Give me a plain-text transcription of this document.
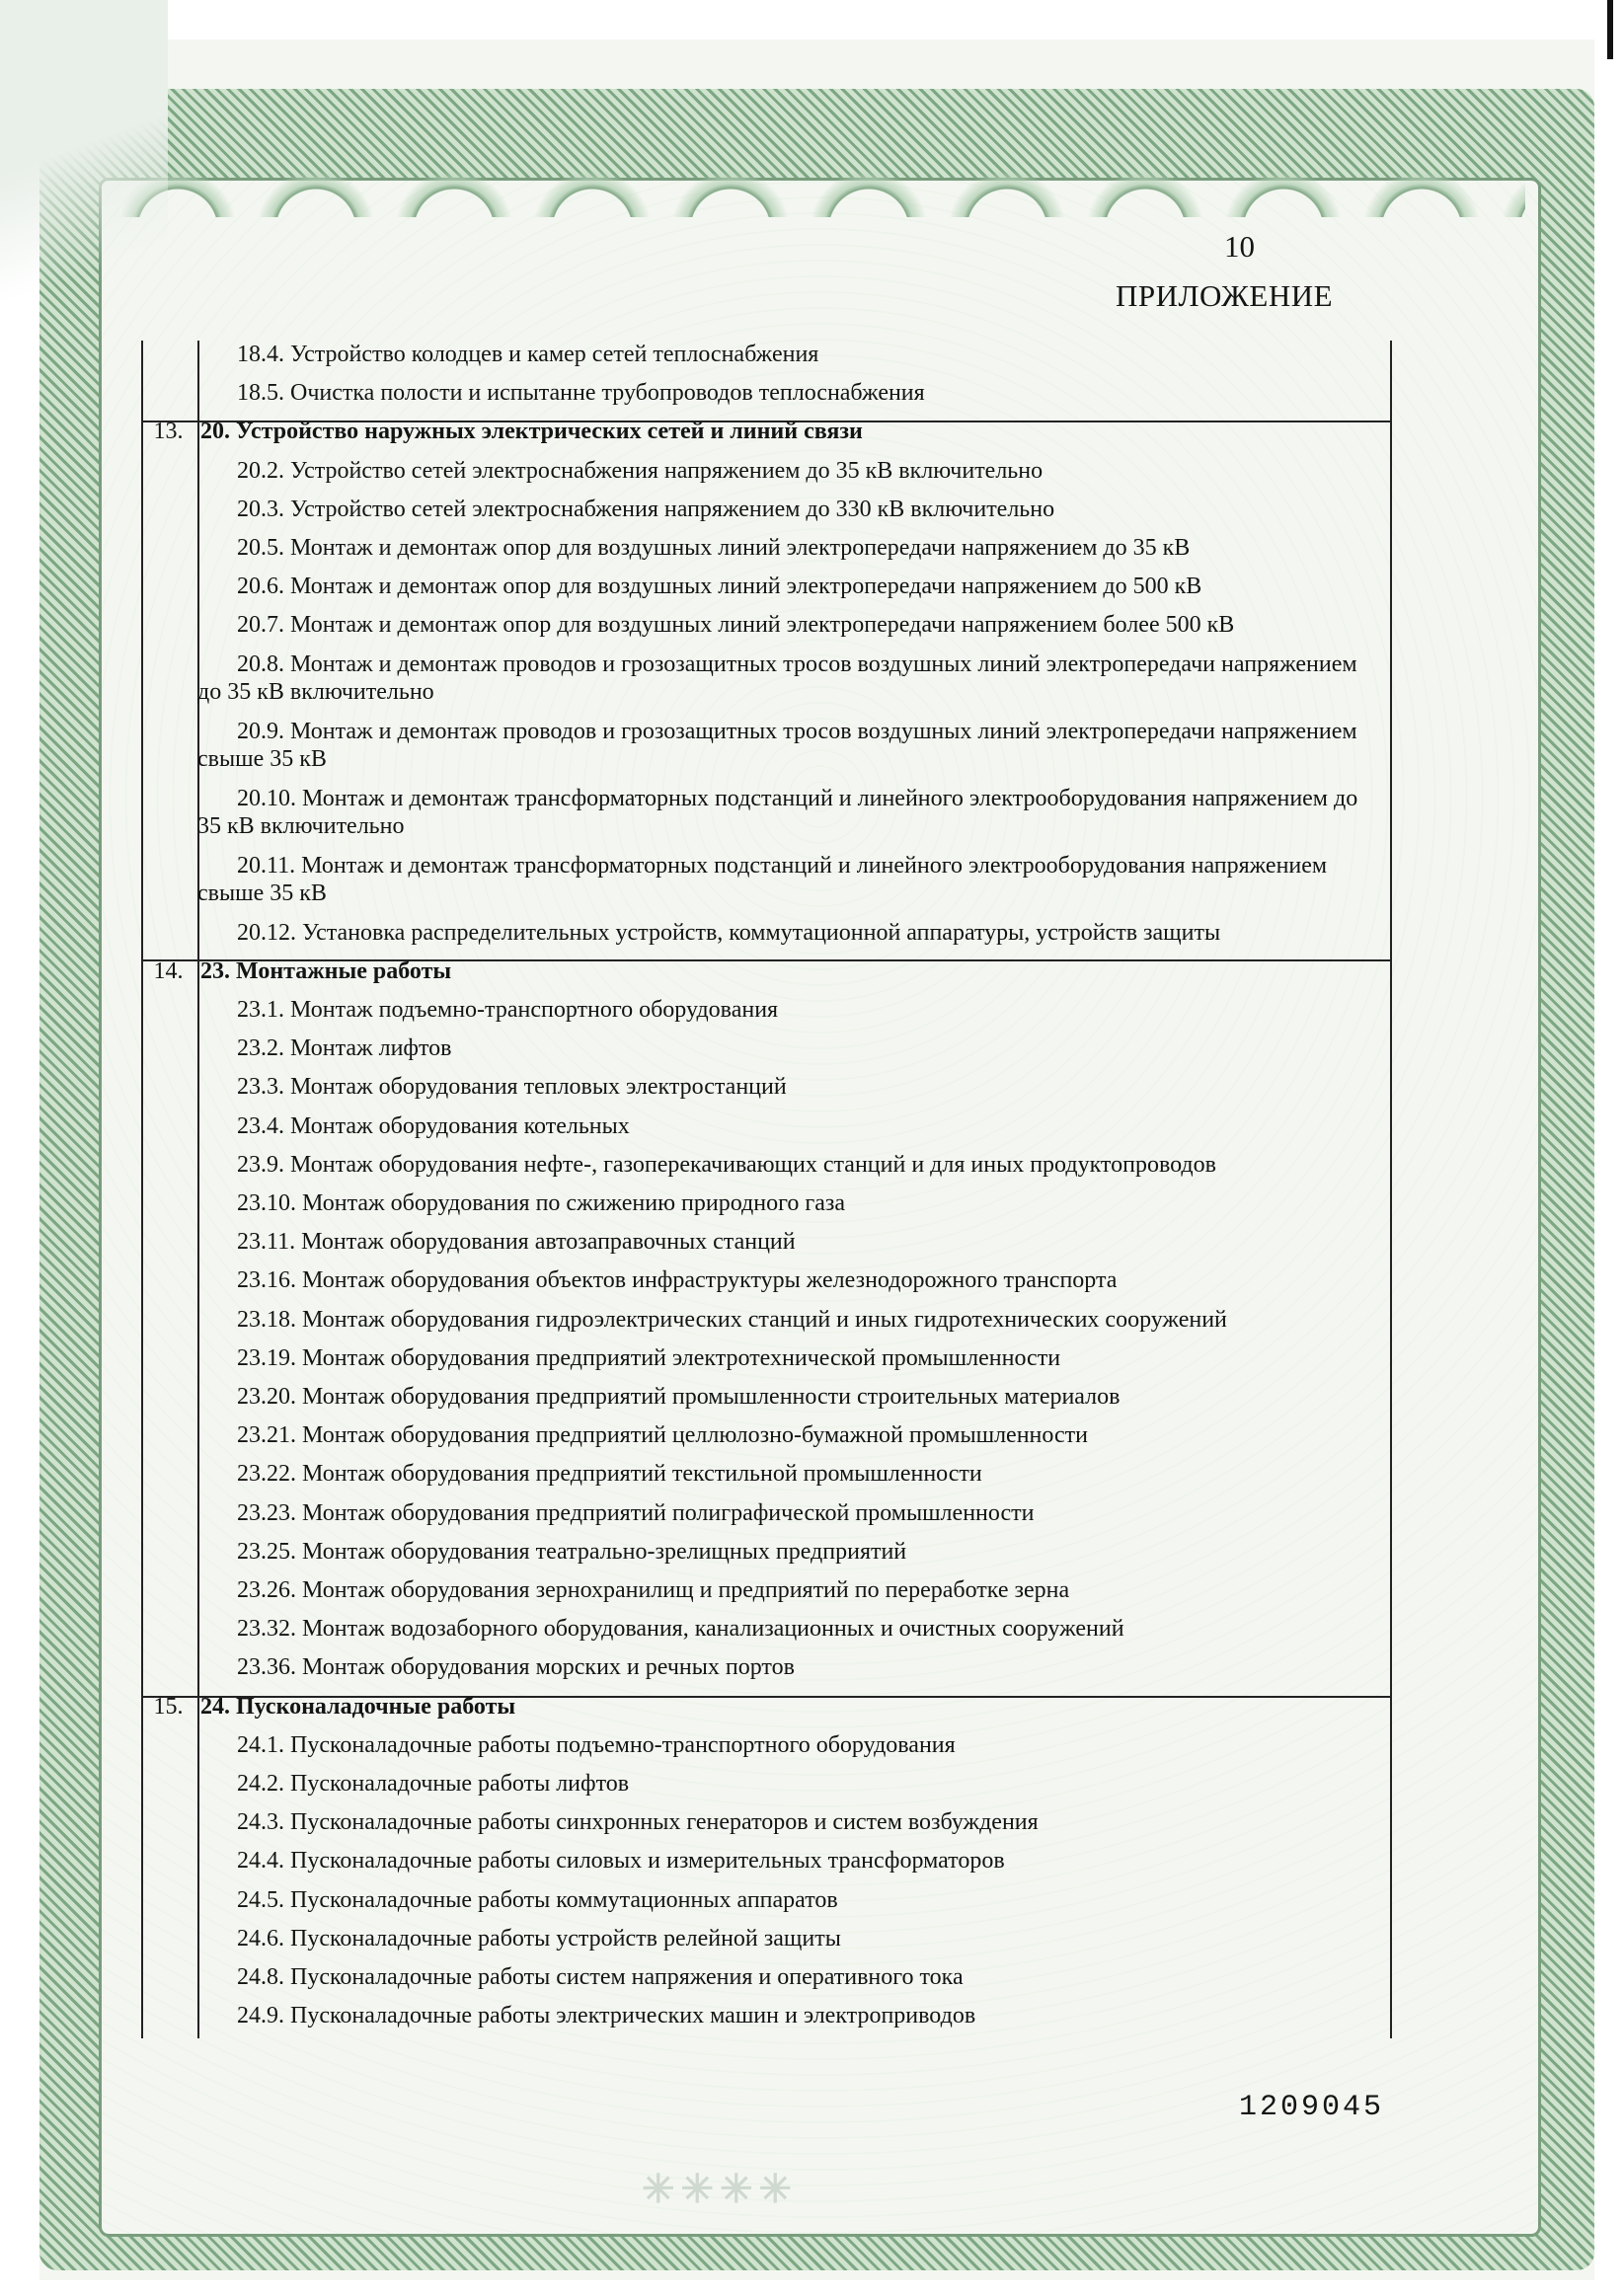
10
ПРИЛОЖЕНИЕ
18.4. Устройство колодцев и камер сетей теплоснабжения
18.5. Очистка полости и испытанне трубопроводов теплоснабжения
13. 20. Устройство наружных электрических сетей и линий связи
20.2. Устройство сетей электроснабжения напряжением до 35 кВ включительно
20.3. Устройство сетей электроснабжения напряжением до 330 кВ включительно
20.5. Монтаж и демонтаж опор для воздушных линий электропередачи напряжением до 35 кВ
20.6. Монтаж и демонтаж опор для воздушных линий электропередачи напряжением до 500 кВ
20.7. Монтаж и демонтаж опор для воздушных линий электропередачи напряжением более 500 кВ
20.8. Монтаж и демонтаж проводов и грозозащитных тросов воздушных линий электропередачи напряжением до 35 кВ включительно
20.9. Монтаж и демонтаж проводов и грозозащитных тросов воздушных линий электропередачи напряжением свыше 35 кВ
20.10. Монтаж и демонтаж трансформаторных подстанций и линейного электрооборудования напряжением до 35 кВ включительно
20.11. Монтаж и демонтаж трансформаторных подстанций и линейного электрооборудования напряжением свыше 35 кВ
20.12. Установка распределительных устройств, коммутационной аппаратуры, устройств защиты
14. 23. Монтажные работы
23.1. Монтаж подъемно-транспортного оборудования
23.2. Монтаж лифтов
23.3. Монтаж оборудования тепловых электростанций
23.4. Монтаж оборудования котельных
23.9. Монтаж оборудования нефте-, газоперекачивающих станций и для иных продуктопроводов
23.10. Монтаж оборудования по сжижению природного газа
23.11. Монтаж оборудования автозаправочных станций
23.16. Монтаж оборудования объектов инфраструктуры железнодорожного транспорта
23.18. Монтаж оборудования гидроэлектрических станций и иных гидротехнических сооружений
23.19. Монтаж оборудования предприятий электротехнической промышленности
23.20. Монтаж оборудования предприятий промышленности строительных материалов
23.21. Монтаж оборудования предприятий целлюлозно-бумажной промышленности
23.22. Монтаж оборудования предприятий текстильной промышленности
23.23. Монтаж оборудования предприятий полиграфической промышленности
23.25. Монтаж оборудования театрально-зрелищных предприятий
23.26. Монтаж оборудования зернохранилищ и предприятий по переработке зерна
23.32. Монтаж водозаборного оборудования, канализационных и очистных сооружений
23.36. Монтаж оборудования морских и речных портов
15. 24. Пусконаладочные работы
24.1. Пусконаладочные работы подъемно-транспортного оборудования
24.2. Пусконаладочные работы лифтов
24.3. Пусконаладочные работы синхронных генераторов и систем возбуждения
24.4. Пусконаладочные работы силовых и измерительных трансформаторов
24.5. Пусконаладочные работы коммутационных аппаратов
24.6. Пусконаладочные работы устройств релейной защиты
24.8. Пусконаладочные работы систем напряжения и оперативного тока
24.9. Пусконаладочные работы электрических машин и электроприводов
1209045
✳✳✳✳
